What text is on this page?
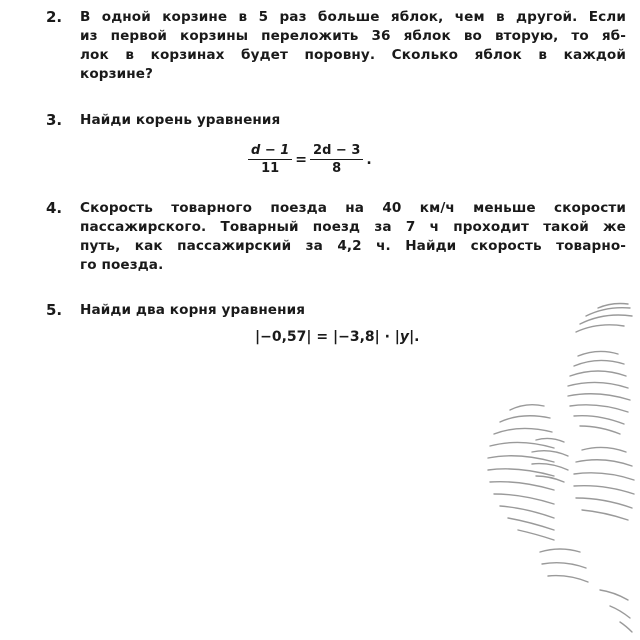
2. В одной корзине в 5 раз больше яблок, чем в другой. Если
из первой корзины переложить 36 яблок во вторую, то яб-
лок в корзинах будет поровну. Сколько яблок в каждой
корзине?
3. Найди корень уравнения
$\frac{d - 1}{11} = \frac{2d - 3}{8}$ .
4. Скорость товарного поезда на 40 км/ч меньше скорости
пассажирского. Товарный поезд за 7 ч проходит такой же
путь, как пассажирский за 4,2 ч. Найди скорость товарно-
го поезда.
5. Найди два корня уравнения
|−0,57| = |−3,8| · |y|.
